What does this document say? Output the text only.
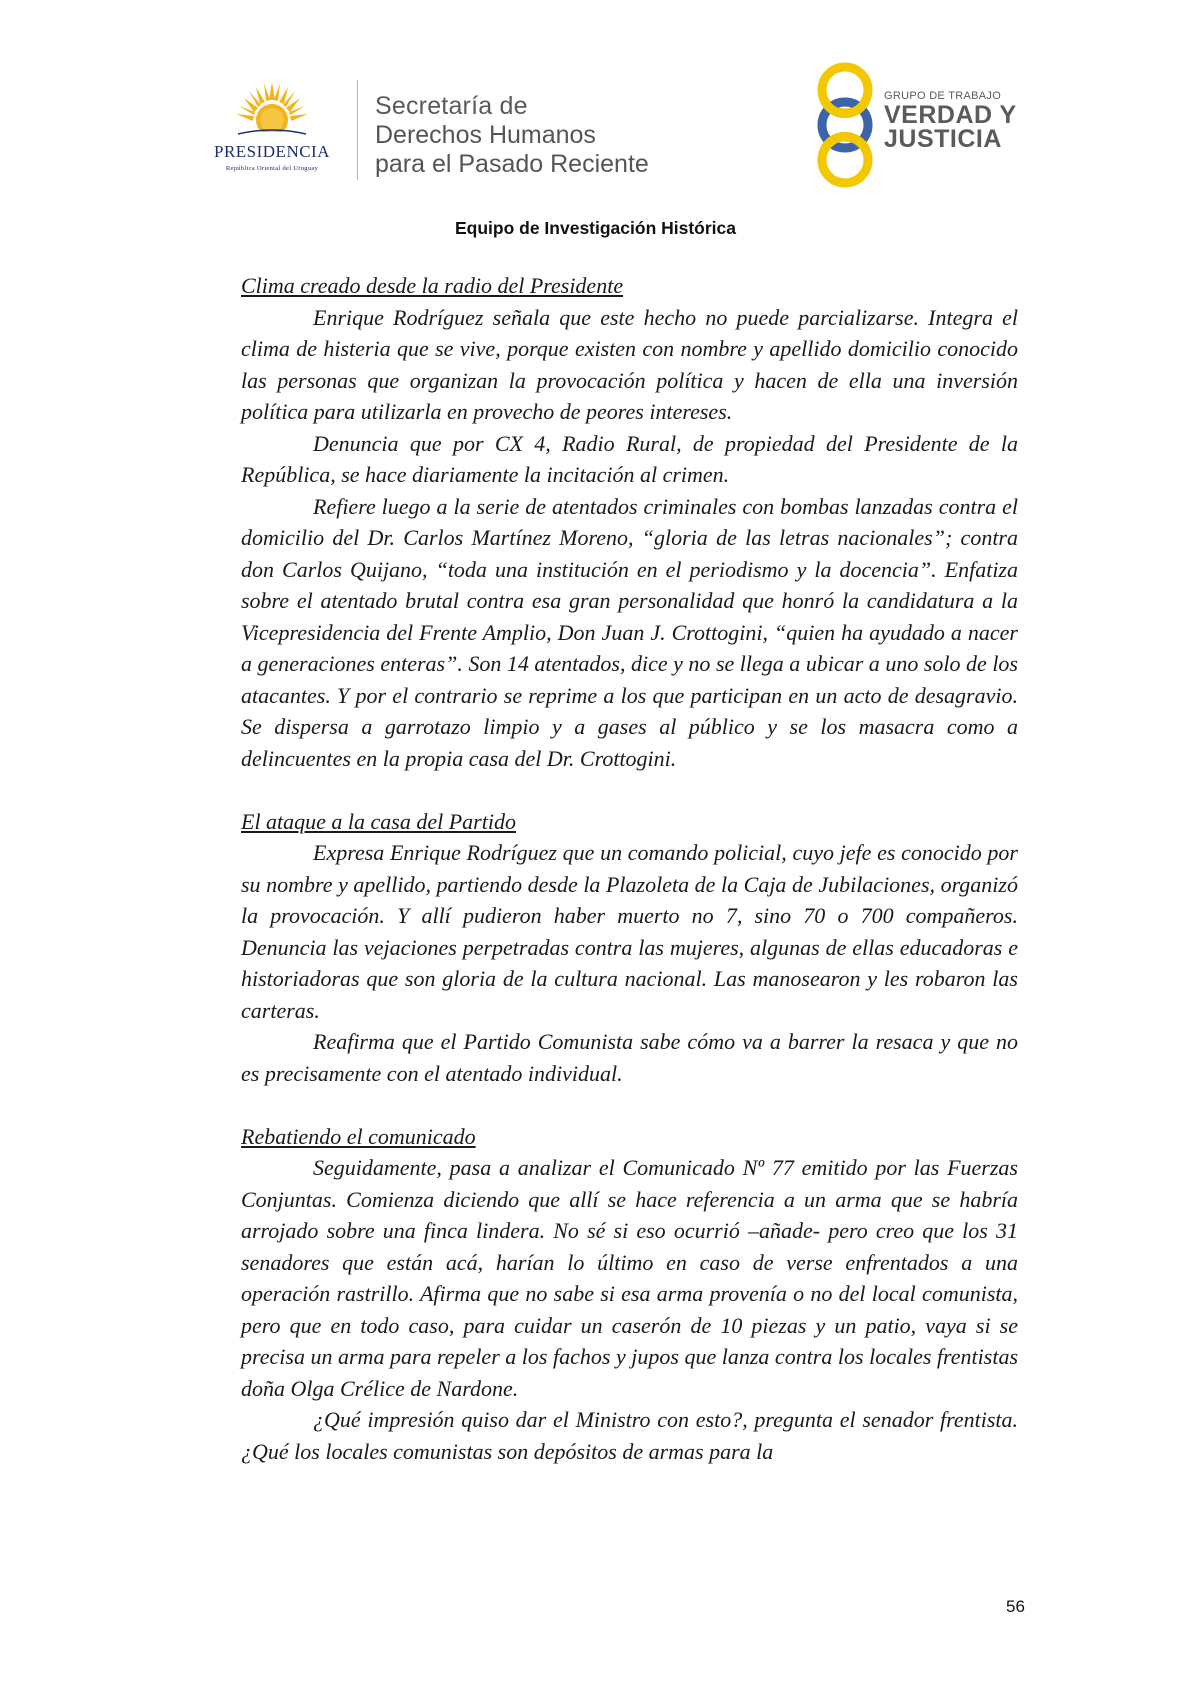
PRESIDENCIA
República Oriental del Uruguay
Secretaría de
Derechos Humanos
para el Pasado Reciente
GRUPO DE TRABAJO
VERDAD Y
JUSTICIA
Equipo de Investigación Histórica
Clima creado desde la radio del Presidente

Enrique Rodríguez señala que este hecho no puede parcializarse. Integra el clima de histeria que se vive, porque existen con nombre y apellido domicilio conocido las personas que organizan la provocación política y hacen de ella una inversión política para utilizarla en provecho de peores intereses.

Denuncia que por CX 4, Radio Rural, de propiedad del Presidente de la República, se hace diariamente la incitación al crimen.

Refiere luego a la serie de atentados criminales con bombas lanzadas contra el domicilio del Dr. Carlos Martínez Moreno, “gloria de las letras nacionales”; contra don Carlos Quijano, “toda una institución en el periodismo y la docencia”. Enfatiza sobre el atentado brutal contra esa gran personalidad que honró la candidatura a la Vicepresidencia del Frente Amplio, Don Juan J. Crottogini, “quien ha ayudado a nacer a generaciones enteras”. Son 14 atentados, dice y no se llega a ubicar a uno solo de los atacantes. Y por el contrario se reprime a los que participan en un acto de desagravio. Se dispersa a garrotazo limpio y a gases al público y se los masacra como a delincuentes en la propia casa del Dr. Crottogini.

El ataque a la casa del Partido

Expresa Enrique Rodríguez que un comando policial, cuyo jefe es conocido por su nombre y apellido, partiendo desde la Plazoleta de la Caja de Jubilaciones, organizó la provocación. Y allí pudieron haber muerto no 7, sino 70 o 700 compañeros. Denuncia las vejaciones perpetradas contra las mujeres, algunas de ellas educadoras e historiadoras que son gloria de la cultura nacional. Las manosearon y les robaron las carteras.

Reafirma que el Partido Comunista sabe cómo va a barrer la resaca y que no es precisamente con el atentado individual.

Rebatiendo el comunicado

Seguidamente, pasa a analizar el Comunicado Nº 77 emitido por las Fuerzas Conjuntas. Comienza diciendo que allí se hace referencia a un arma que se habría arrojado sobre una finca lindera. No sé si eso ocurrió –añade- pero creo que los 31 senadores que están acá, harían lo último en caso de verse enfrentados a una operación rastrillo. Afirma que no sabe si esa arma provenía o no del local comunista, pero que en todo caso, para cuidar un caserón de 10 piezas y un patio, vaya si se precisa un arma para repeler a los fachos y jupos que lanza contra los locales frentistas doña Olga Crélice de Nardone.

¿Qué impresión quiso dar el Ministro con esto?, pregunta el senador frentista. ¿Qué los locales comunistas son depósitos de armas para la

56
